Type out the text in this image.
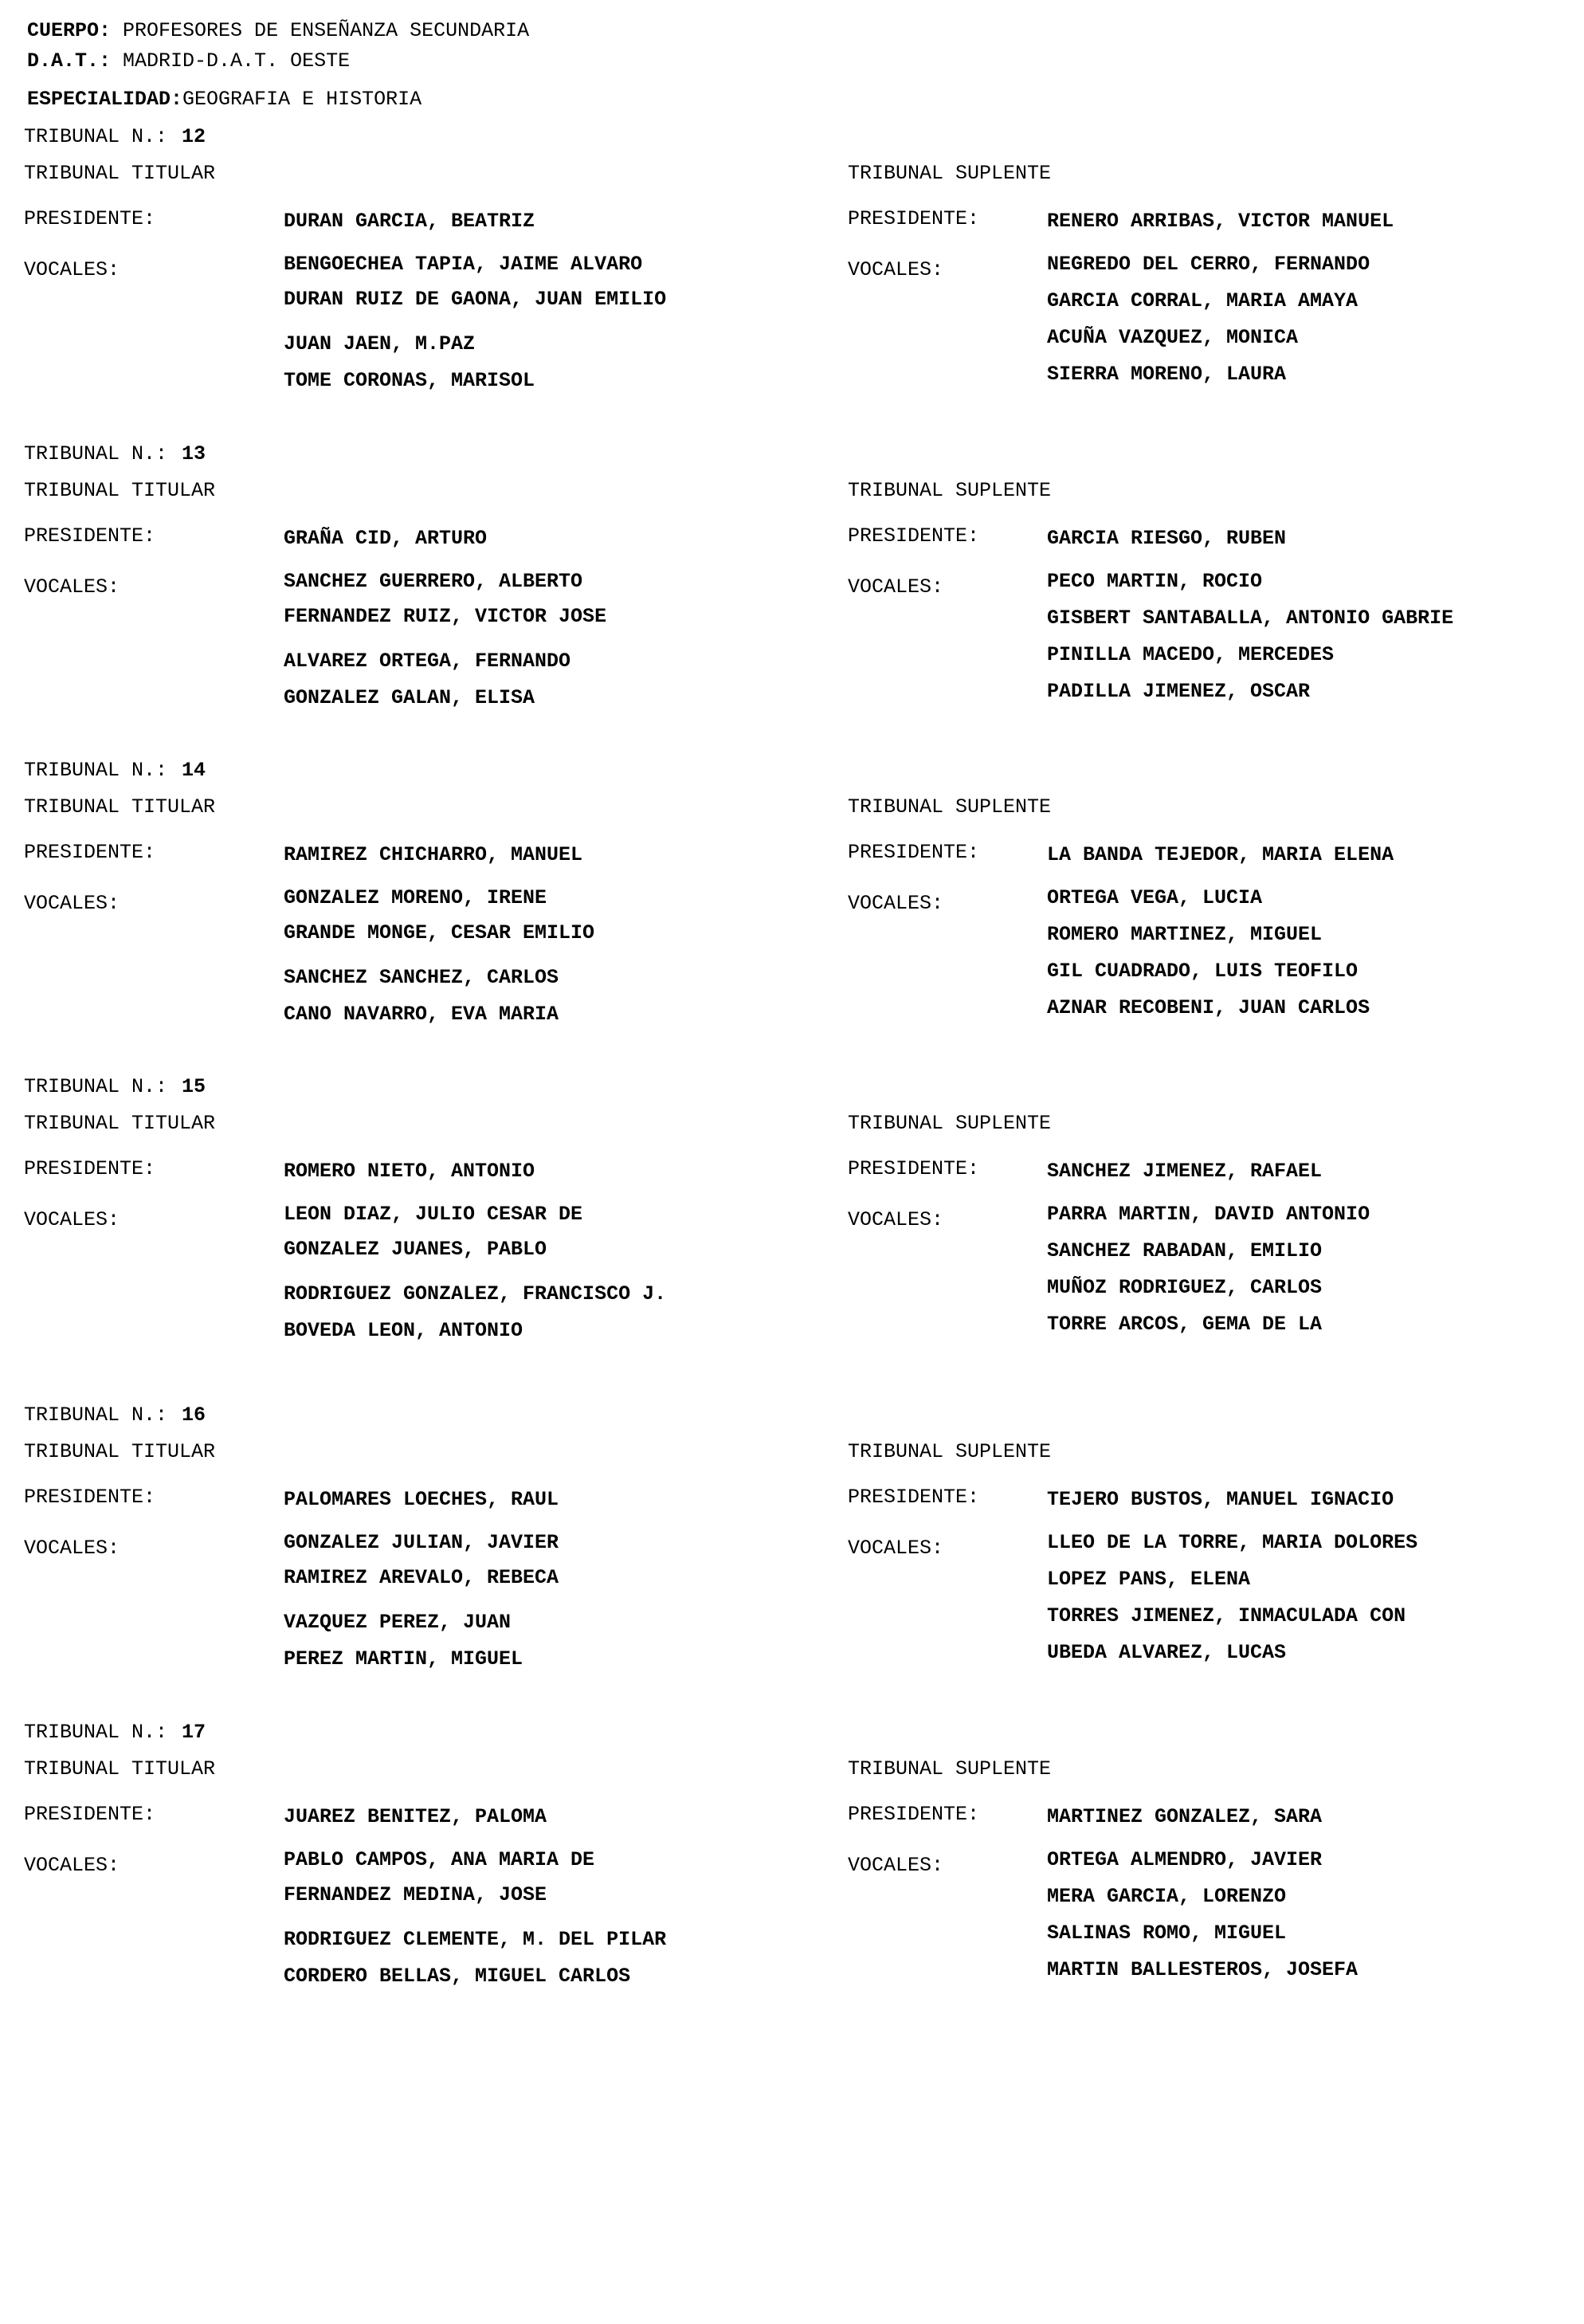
CUERPO: PROFESORES DE ENSEÑANZA SECUNDARIA
D.A.T.: MADRID-D.A.T. OESTE
ESPECIALIDAD:GEOGRAFIA E HISTORIA
TRIBUNAL N.: 12
TRIBUNAL TITULAR
PRESIDENTE:	DURAN GARCIA, BEATRIZ
VOCALES:	BENGOECHEA TAPIA, JAIME ALVARO
DURAN RUIZ DE GAONA, JUAN EMILIO
JUAN JAEN, M.PAZ
TOME CORONAS, MARISOL
TRIBUNAL SUPLENTE
PRESIDENTE:	RENERO ARRIBAS, VICTOR MANUEL
VOCALES:	NEGREDO DEL CERRO, FERNANDO
GARCIA CORRAL, MARIA AMAYA
ACUÑA VAZQUEZ, MONICA
SIERRA MORENO, LAURA
TRIBUNAL N.: 13
TRIBUNAL TITULAR
PRESIDENTE:	GRAÑA CID, ARTURO
VOCALES:	SANCHEZ GUERRERO, ALBERTO
FERNANDEZ RUIZ, VICTOR JOSE
ALVAREZ ORTEGA, FERNANDO
GONZALEZ GALAN, ELISA
TRIBUNAL SUPLENTE
PRESIDENTE:	GARCIA RIESGO, RUBEN
VOCALES:	PECO MARTIN, ROCIO
GISBERT SANTABALLA, ANTONIO GABRIE
PINILLA MACEDO, MERCEDES
PADILLA JIMENEZ, OSCAR
TRIBUNAL N.: 14
TRIBUNAL TITULAR
PRESIDENTE:	RAMIREZ CHICHARRO, MANUEL
VOCALES:	GONZALEZ MORENO, IRENE
GRANDE MONGE, CESAR EMILIO
SANCHEZ SANCHEZ, CARLOS
CANO NAVARRO, EVA MARIA
TRIBUNAL SUPLENTE
PRESIDENTE:	LA BANDA TEJEDOR, MARIA ELENA
VOCALES:	ORTEGA VEGA, LUCIA
ROMERO MARTINEZ, MIGUEL
GIL CUADRADO, LUIS TEOFILO
AZNAR RECOBENI, JUAN CARLOS
TRIBUNAL N.: 15
TRIBUNAL TITULAR
PRESIDENTE:	ROMERO NIETO, ANTONIO
VOCALES:	LEON DIAZ, JULIO CESAR DE
GONZALEZ JUANES, PABLO
RODRIGUEZ GONZALEZ, FRANCISCO J.
BOVEDA LEON, ANTONIO
TRIBUNAL SUPLENTE
PRESIDENTE:	SANCHEZ JIMENEZ, RAFAEL
VOCALES:	PARRA MARTIN, DAVID ANTONIO
SANCHEZ RABADAN, EMILIO
MUÑOZ RODRIGUEZ, CARLOS
TORRE ARCOS, GEMA DE LA
TRIBUNAL N.: 16
TRIBUNAL TITULAR
PRESIDENTE:	PALOMARES LOECHES, RAUL
VOCALES:	GONZALEZ JULIAN, JAVIER
RAMIREZ AREVALO, REBECA
VAZQUEZ PEREZ, JUAN
PEREZ MARTIN, MIGUEL
TRIBUNAL SUPLENTE
PRESIDENTE:	TEJERO BUSTOS, MANUEL IGNACIO
VOCALES:	LLEO DE LA TORRE, MARIA DOLORES
LOPEZ PANS, ELENA
TORRES JIMENEZ, INMACULADA CON
UBEDA ALVAREZ, LUCAS
TRIBUNAL N.: 17
TRIBUNAL TITULAR
PRESIDENTE:	JUAREZ BENITEZ, PALOMA
VOCALES:	PABLO CAMPOS, ANA MARIA DE
FERNANDEZ MEDINA, JOSE
RODRIGUEZ CLEMENTE, M. DEL PILAR
CORDERO BELLAS, MIGUEL CARLOS
TRIBUNAL SUPLENTE
PRESIDENTE:	MARTINEZ GONZALEZ, SARA
VOCALES:	ORTEGA ALMENDRO, JAVIER
MERA GARCIA, LORENZO
SALINAS ROMO, MIGUEL
MARTIN BALLESTEROS, JOSEFA
